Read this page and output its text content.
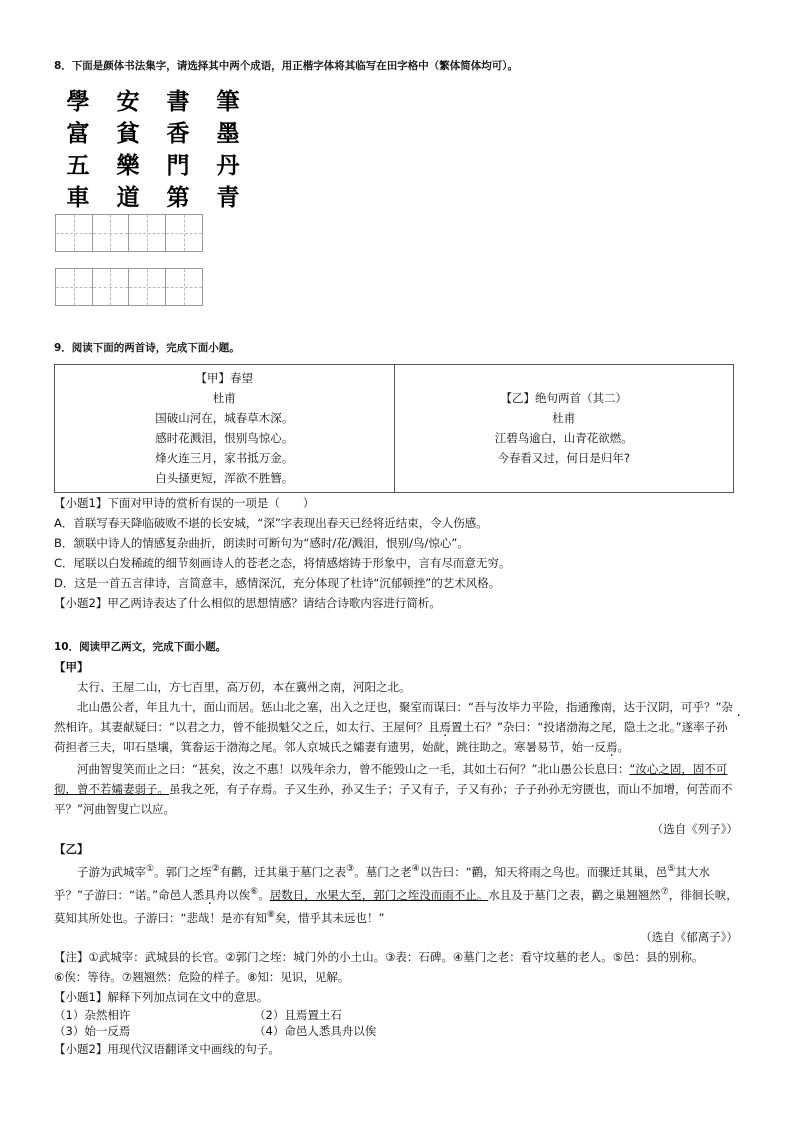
8．下面是颜体书法集字，请选择其中两个成语，用正楷字体将其临写在田字格中（繁体简体均可）。

學 安 書 筆
富 貧 香 墨
五 樂 門 丹
車 道 第 青

9．阅读下面的两首诗，完成下面小题。

【甲】春望
杜甫
国破山河在，城春草木深。
感时花溅泪，恨别鸟惊心。
烽火连三月，家书抵万金。
白头搔更短，浑欲不胜簪。

【乙】绝句两首（其二）
杜甫
江碧鸟逾白，山青花欲燃。
今春看又过，何日是归年?

【小题1】下面对甲诗的赏析有误的一项是（　　）

A．首联写春天降临破败不堪的长安城，“深”字表现出春天已经将近结束，令人伤感。

B．颔联中诗人的情感复杂曲折，朗读时可断句为“感时/花/溅泪，恨别/鸟/惊心”。

C．尾联以白发稀疏的细节刻画诗人的苍老之态，将情感熔铸于形象中，言有尽而意无穷。

D．这是一首五言律诗，言简意丰，感情深沉，充分体现了杜诗“沉郁顿挫”的艺术风格。

【小题2】甲乙两诗表达了什么相似的思想情感？请结合诗歌内容进行简析。

10．阅读甲乙两文，完成下面小题。

【甲】

太行、王屋二山，方七百里，高万仞，本在冀州之南，河阳之北。

北山愚公者，年且九十，面山而居。惩山北之塞，出入之迂也，聚室而谋曰：“吾与汝毕力平险，指通豫南，达于汉阴，可乎？”杂然相许。其妻献疑曰：“以君之力，曾不能损魁父之丘，如太行、王屋何？且焉置土石？”杂曰：“投诸渤海之尾，隐土之北。”遂率子孙荷担者三夫，叩石垦壤，箕畚运于渤海之尾。邻人京城氏之孀妻有遗男，始龀，跳往助之。寒暑易节，始一反焉。

河曲智叟笑而止之曰：“甚矣，汝之不惠！以残年余力，曾不能毁山之一毛，其如土石何？”北山愚公长息曰：“汝心之固，固不可彻，曾不若孀妻弱子。虽我之死，有子存焉。子又生孙，孙又生子；子又有子，子又有孙；子子孙孙无穷匮也，而山不加增，何苦而不平？”河曲智叟亡以应。

（选自《列子》）

【乙】

子游为武城宰①。郭门之垤②有鹳，迁其巢于墓门之表③。墓门之老④以告曰：“鹳，知天将雨之鸟也。而骤迁其巢，邑⑤其大水乎？”子游曰：“诺。”命邑人悉具舟以俟⑥。居数日，水果大至，郭门之垤没而雨不止。水且及于墓门之表，鹳之巢翘翘然⑦，徘徊长唳，莫知其所处也。子游曰：“悲哉！是亦有知⑧矣，惜乎其未远也！”

（选自《郁离子》）

【注】①武城宰：武城县的长官。②郭门之垤：城门外的小土山。③表：石碑。④墓门之老：看守坟墓的老人。⑤邑：县的别称。

⑥俟：等待。⑦翘翘然：危险的样子。⑧知：见识，见解。

【小题1】解释下列加点词在文中的意思。

（1）杂然相许	（2）且焉置土石
（3）始一反焉	（4）命邑人悉具舟以俟

【小题2】用现代汉语翻译文中画线的句子。
